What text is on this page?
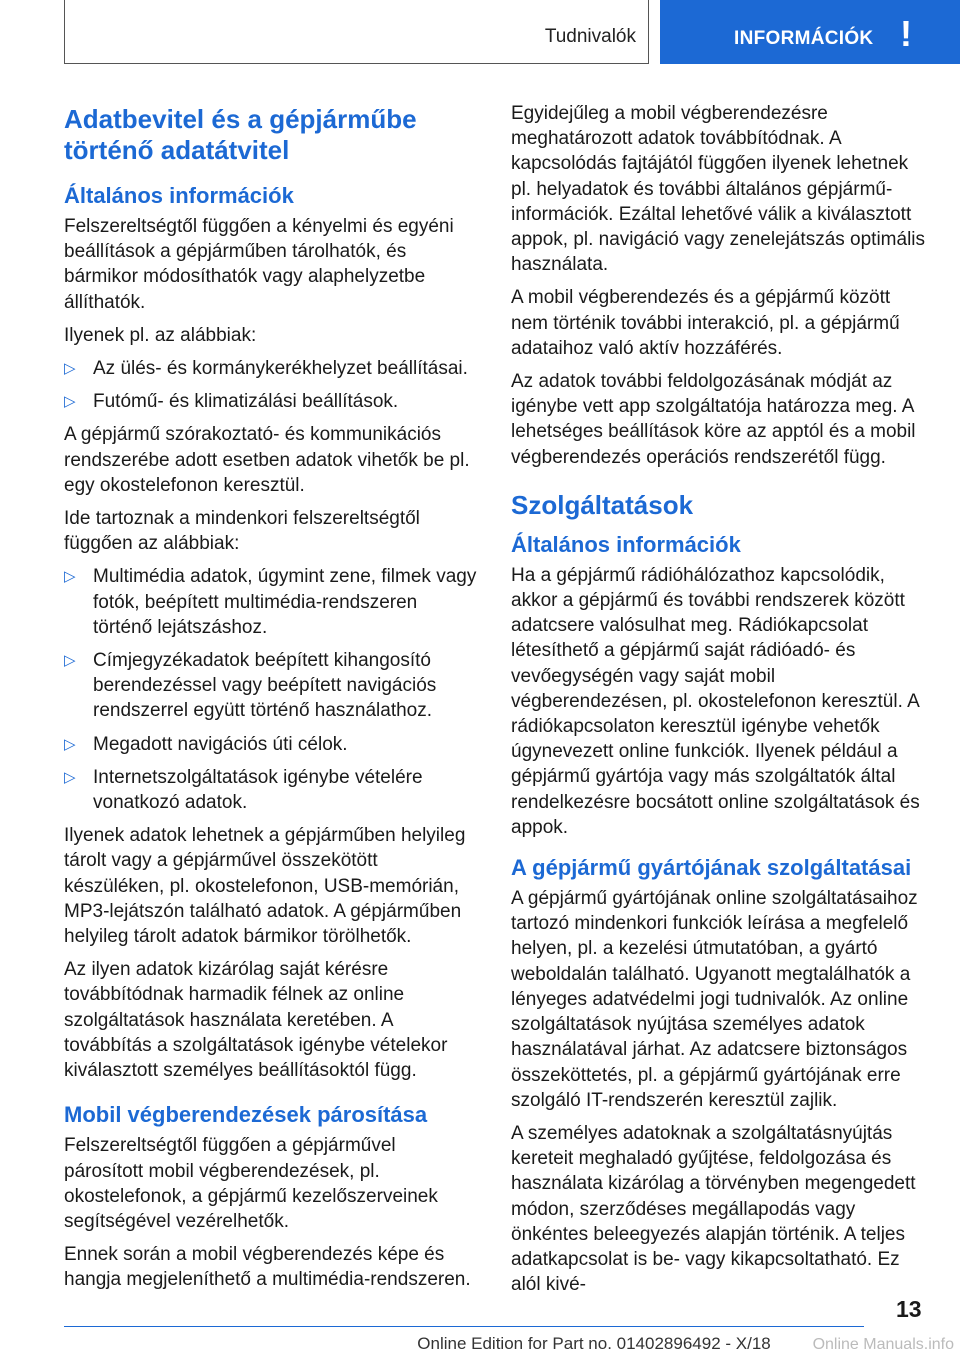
Tudnivalók	INFORMÁCIÓK !
Adatbevitel és a gépjárműbe történő adatátvitel
Általános információk

Felszereltségtől függően a kényelmi és egyéni beállítások a gépjárműben tárolhatók, és bármikor módosíthatók vagy alaphelyzetbe állíthatók.

Ilyenek pl. az alábbiak:

▷ Az ülés- és kormánykerékhelyzet beállításai.
▷ Futómű- és klimatizálási beállítások.

A gépjármű szórakoztató- és kommunikációs rendszerébe adott esetben adatok vihetők be pl. egy okostelefonon keresztül.

Ide tartoznak a mindenkori felszereltségtől függően az alábbiak:

▷ Multimédia adatok, úgymint zene, filmek vagy fotók, beépített multimédia-rendszeren történő lejátszáshoz.
▷ Címjegyzékadatok beépített kihangosító berendezéssel vagy beépített navigációs rendszerrel együtt történő használathoz.
▷ Megadott navigációs úti célok.
▷ Internetszolgáltatások igénybe vételére vonatkozó adatok.

Ilyenek adatok lehetnek a gépjárműben helyileg tárolt vagy a gépjárművel összekötött készüléken, pl. okostelefonon, USB-memórián, MP3-lejátszón található adatok. A gépjárműben helyileg tárolt adatok bármikor törölhetők.

Az ilyen adatok kizárólag saját kérésre továbbítódnak harmadik félnek az online szolgáltatások használata keretében. A továbbítás a szolgáltatások igénybe vételekor kiválasztott személyes beállításoktól függ.

Mobil végberendezések párosítása

Felszereltségtől függően a gépjárművel párosított mobil végberendezések, pl. okostelefonok, a gépjármű kezelőszerveinek segítségével vezérelhetők.

Ennek során a mobil végberendezés képe és hangja megjeleníthető a multimédia-rendszeren.

Egyidejűleg a mobil végberendezésre meghatározott adatok továbbítódnak. A kapcsolódás fajtájától függően ilyenek lehetnek pl. helyadatok és további általános gépjármű-információk. Ezáltal lehetővé válik a kiválasztott appok, pl. navigáció vagy zenelejátszás optimális használata.

A mobil végberendezés és a gépjármű között nem történik további interakció, pl. a gépjármű adataihoz való aktív hozzáférés.

Az adatok további feldolgozásának módját az igénybe vett app szolgáltatója határozza meg. A lehetséges beállítások köre az apptól és a mobil végberendezés operációs rendszerétől függ.

Szolgáltatások
Általános információk

Ha a gépjármű rádióhálózathoz kapcsolódik, akkor a gépjármű és további rendszerek között adatcsere valósulhat meg. Rádiókapcsolat létesíthető a gépjármű saját rádióadó- és vevőegységén vagy saját mobil végberendezésen, pl. okostelefonon keresztül. A rádiókapcsolaton keresztül igénybe vehetők úgynevezett online funkciók. Ilyenek például a gépjármű gyártója vagy más szolgáltatók által rendelkezésre bocsátott online szolgáltatások és appok.

A gépjármű gyártójának szolgáltatásai

A gépjármű gyártójának online szolgáltatásaihoz tartozó mindenkori funkciók leírása a megfelelő helyen, pl. a kezelési útmutatóban, a gyártó weboldalán található. Ugyanott megtalálhatók a lényeges adatvédelmi jogi tudnivalók. Az online szolgáltatások nyújtása személyes adatok használatával járhat. Az adatcsere biztonságos összeköttetés, pl. a gépjármű gyártójának erre szolgáló IT-rendszerén keresztül zajlik.

A személyes adatoknak a szolgáltatásnyújtás kereteit meghaladó gyűjtése, feldolgozása és használata kizárólag a törvényben megengedett módon, szerződéses megállapodás vagy önkéntes beleegyezés alapján történik. A teljes adatkapcsolat is be- vagy kikapcsoltatható. Ez alól kivé-

13
Online Edition for Part no. 01402896492 - X/18	Online Manuals.info
